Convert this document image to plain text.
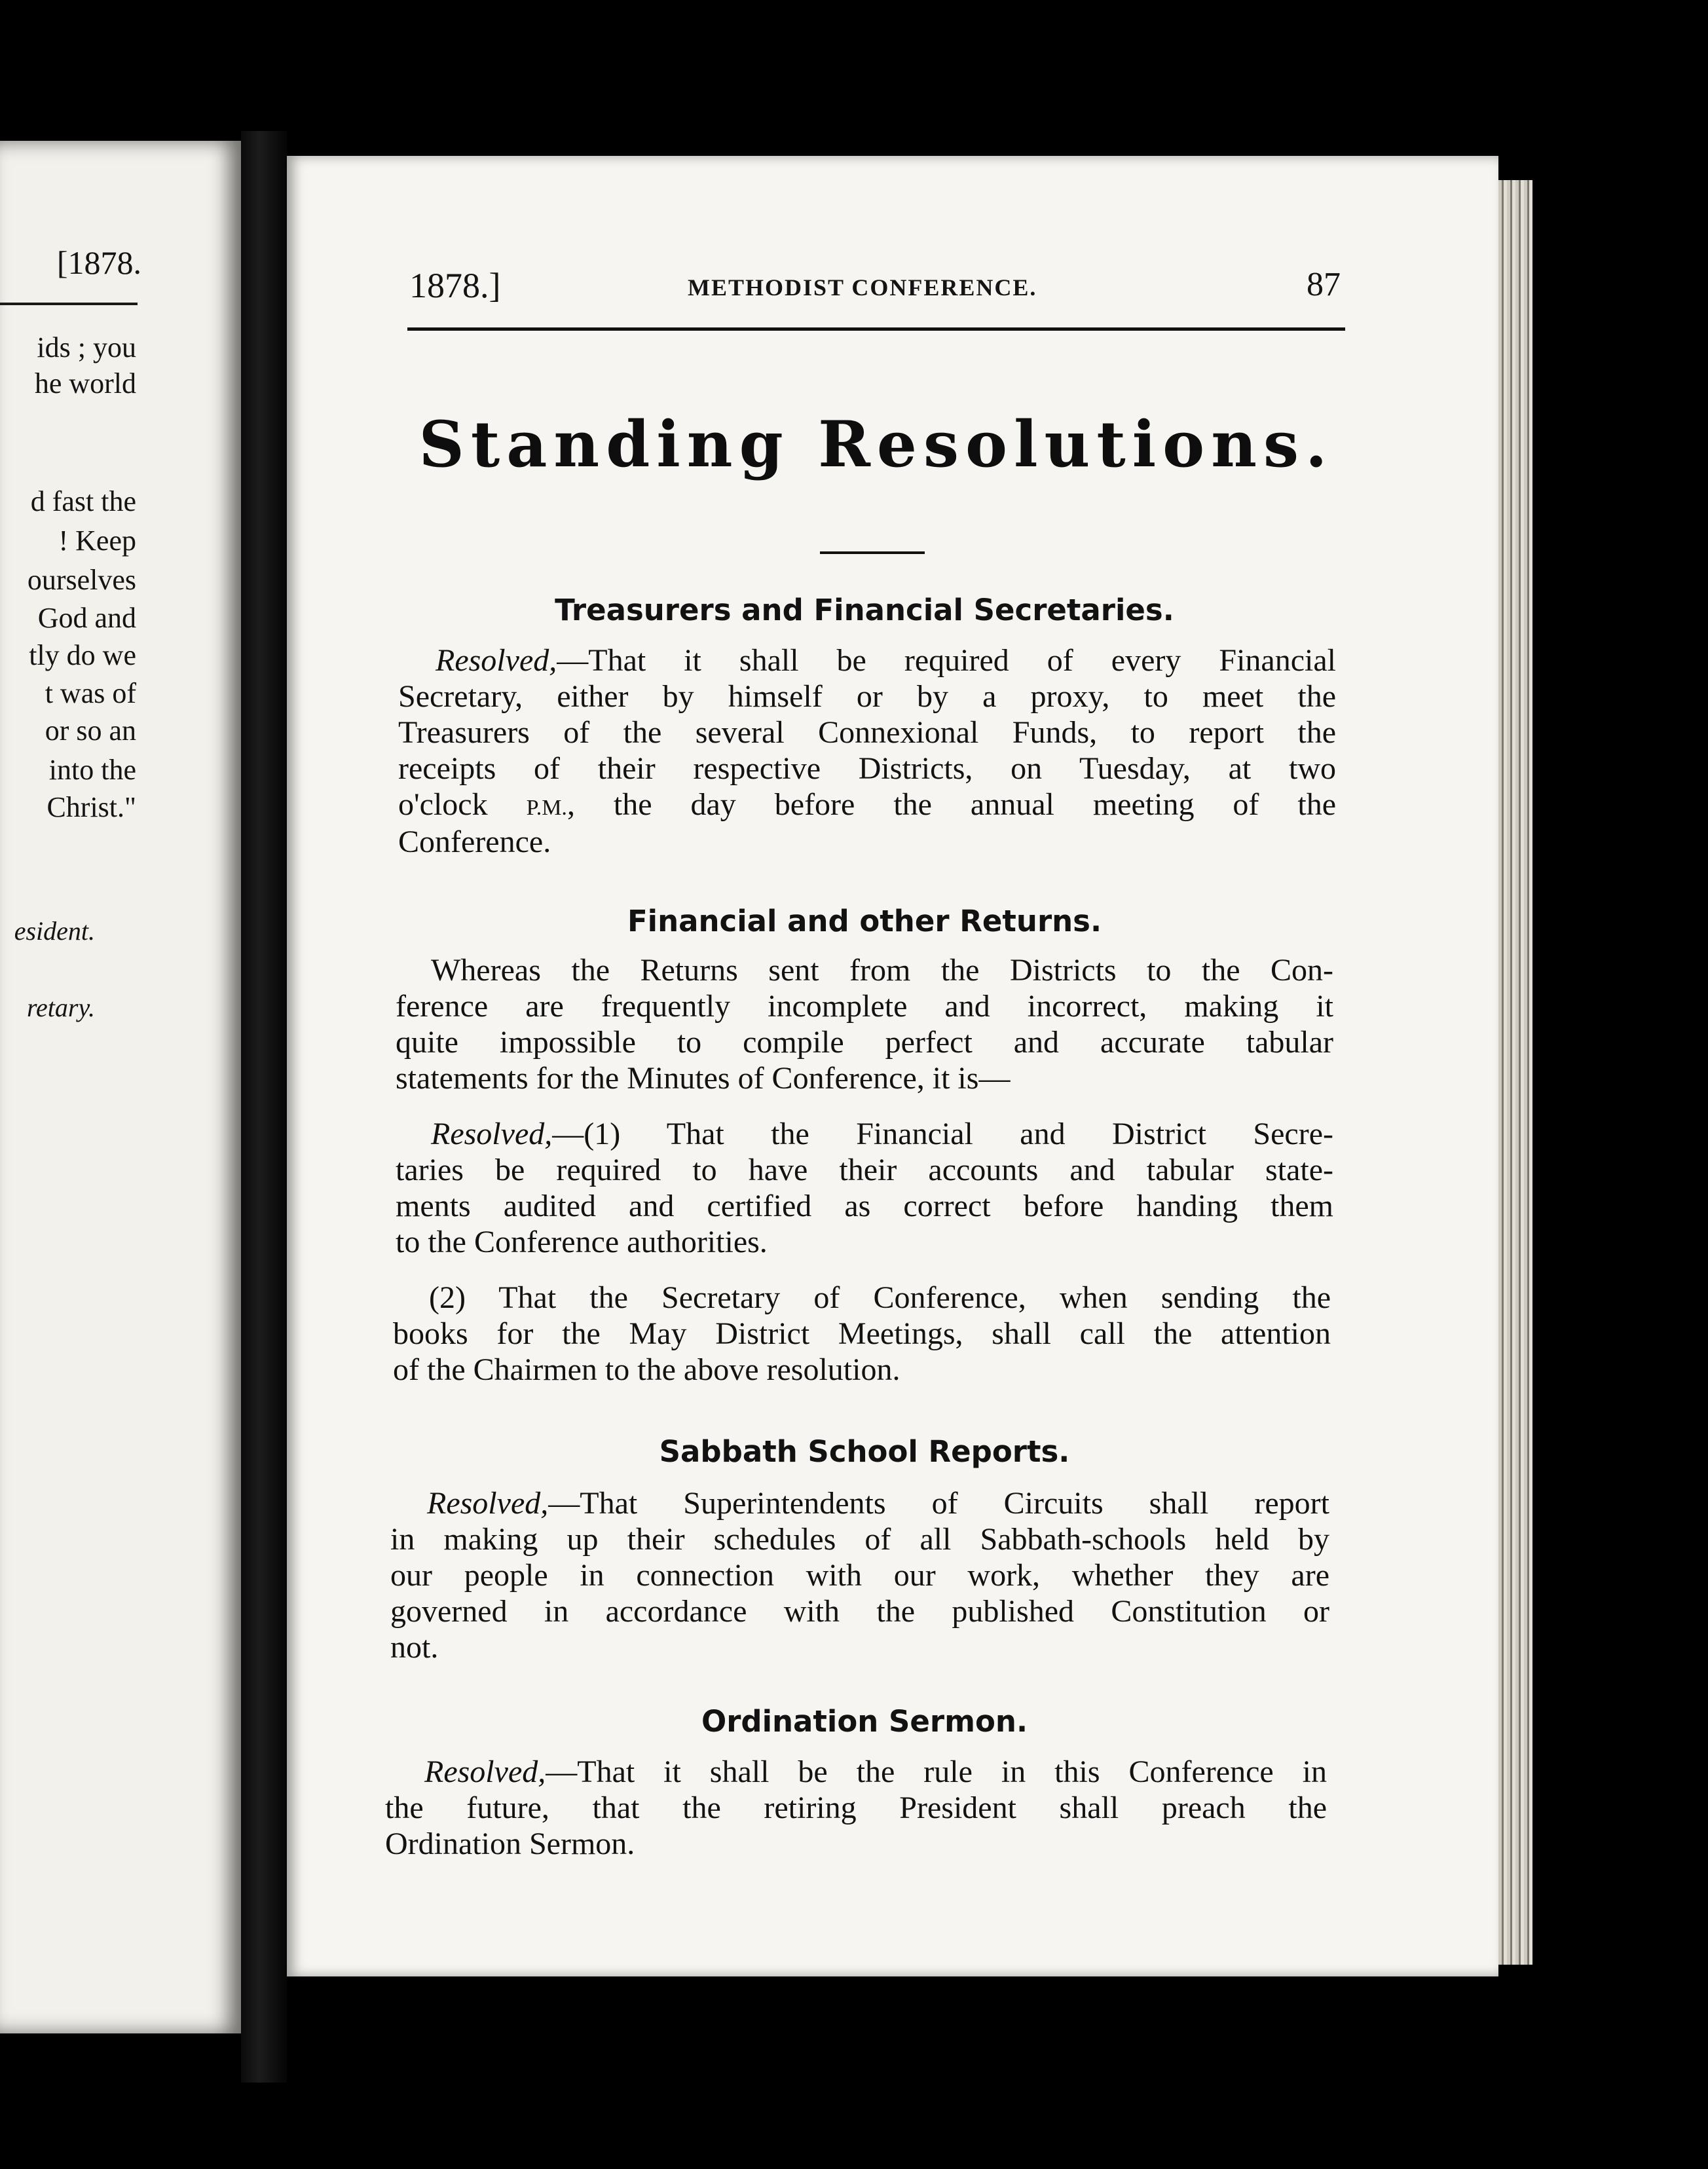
[1878.
ids ; you
he world
d fast the
! Keep
ourselves
God and
tly do we
t was of
or so an
into the
Christ."
esident.
retary.
1878.]	METHODIST CONFERENCE.	87
Standing Resolutions.
Treasurers and Financial Secretaries.
Resolved,—That it shall be required of every Financial
Secretary, either by himself or by a proxy, to meet the
Treasurers of the several Connexional Funds, to report the
receipts of their respective Districts, on Tuesday, at two
o'clock P.M., the day before the annual meeting of the
Conference.
Financial and other Returns.
Whereas the Returns sent from the Districts to the Con-
ference are frequently incomplete and incorrect, making it
quite impossible to compile perfect and accurate tabular
statements for the Minutes of Conference, it is—
Resolved,—(1) That the Financial and District Secre-
taries be required to have their accounts and tabular state-
ments audited and certified as correct before handing them
to the Conference authorities.
(2) That the Secretary of Conference, when sending the
books for the May District Meetings, shall call the attention
of the Chairmen to the above resolution.
Sabbath School Reports.
Resolved,—That Superintendents of Circuits shall report
in making up their schedules of all Sabbath-schools held by
our people in connection with our work, whether they are
governed in accordance with the published Constitution or
not.
Ordination Sermon.
Resolved,—That it shall be the rule in this Conference in
the future, that the retiring President shall preach the
Ordination Sermon.
